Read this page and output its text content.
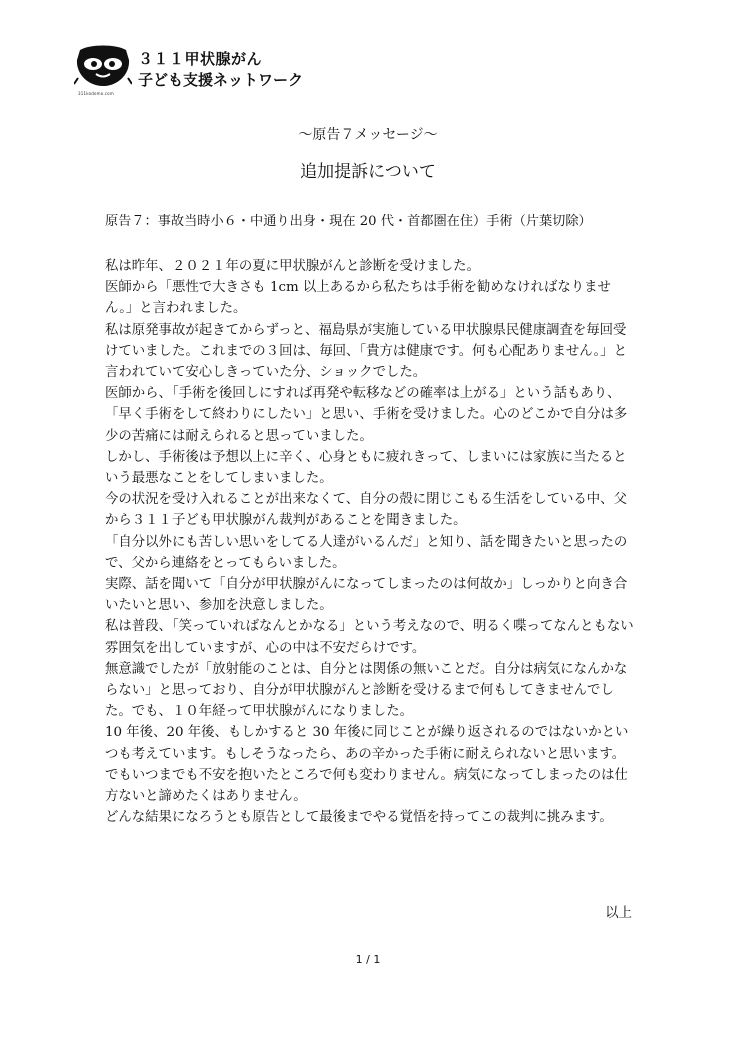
311kodomo.com
３１１甲状腺がん
子ども支援ネットワーク
〜原告７メッセージ〜
追加提訴について
原告７：事故当時小６・中通り出身・現在 20 代・首都圏在住）手術（片葉切除）

私は昨年、２０２１年の夏に甲状腺がんと診断を受けました。

医師から「悪性で大きさも 1cm 以上あるから私たちは手術を勧めなければなりません。」と言われました。

私は原発事故が起きてからずっと、福島県が実施している甲状腺県民健康調査を毎回受けていました。これまでの３回は、毎回、「貴方は健康です。何も心配ありません。」と言われていて安心しきっていた分、ショックでした。

医師から、「手術を後回しにすれば再発や転移などの確率は上がる」という話もあり、「早く手術をして終わりにしたい」と思い、手術を受けました。心のどこかで自分は多少の苦痛には耐えられると思っていました。

しかし、手術後は予想以上に辛く、心身ともに疲れきって、しまいには家族に当たるという最悪なことをしてしまいました。

今の状況を受け入れることが出来なくて、自分の殻に閉じこもる生活をしている中、父から３１１子ども甲状腺がん裁判があることを聞きました。

「自分以外にも苦しい思いをしてる人達がいるんだ」と知り、話を聞きたいと思ったので、父から連絡をとってもらいました。

実際、話を聞いて「自分が甲状腺がんになってしまったのは何故か」しっかりと向き合いたいと思い、参加を決意しました。

私は普段、「笑っていればなんとかなる」という考えなので、明るく喋ってなんともない雰囲気を出していますが、心の中は不安だらけです。

無意識でしたが「放射能のことは、自分とは関係の無いことだ。自分は病気になんかならない」と思っており、自分が甲状腺がんと診断を受けるまで何もしてきませんでした。でも、１０年経って甲状腺がんになりました。

10 年後、20 年後、もしかすると 30 年後に同じことが繰り返されるのではないかといつも考えています。もしそうなったら、あの辛かった手術に耐えられないと思います。

でもいつまでも不安を抱いたところで何も変わりません。病気になってしまったのは仕方ないと諦めたくはありません。

どんな結果になろうとも原告として最後までやる覚悟を持ってこの裁判に挑みます。

以上
1 / 1
